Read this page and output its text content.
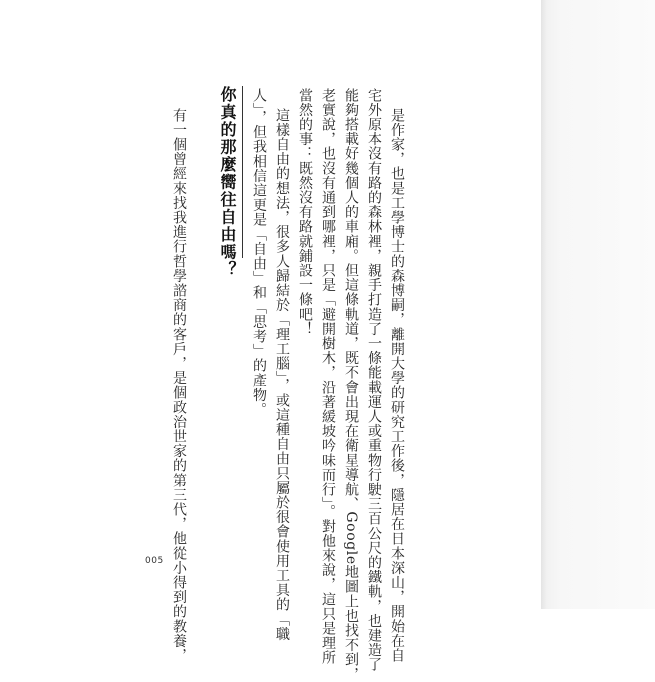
是作家，也是工學博士的森博嗣，離開大學的研究工作後，隱居在日本深山，開始在自
宅外原本沒有路的森林裡，親手打造了一條能載運人或重物行駛三百公尺的鐵軌，也建造了
能夠搭載好幾個人的車廂。但這條軌道，既不會出現在衛星導航、Google地圖上也找不到，
老實說，也沒有通到哪裡，只是「避開樹木，沿著緩坡吟味而行」。對他來說，這只是理所
當然的事：既然沒有路就鋪設一條吧！
這樣自由的想法，很多人歸結於「理工腦」，或這種自由只屬於很會使用工具的「職
人」，但我相信這更是「自由」和「思考」的產物。
你真的那麼嚮往自由嗎？
有一個曾經來找我進行哲學諮商的客戶，是個政治世家的第三代，他從小得到的教養，
005
